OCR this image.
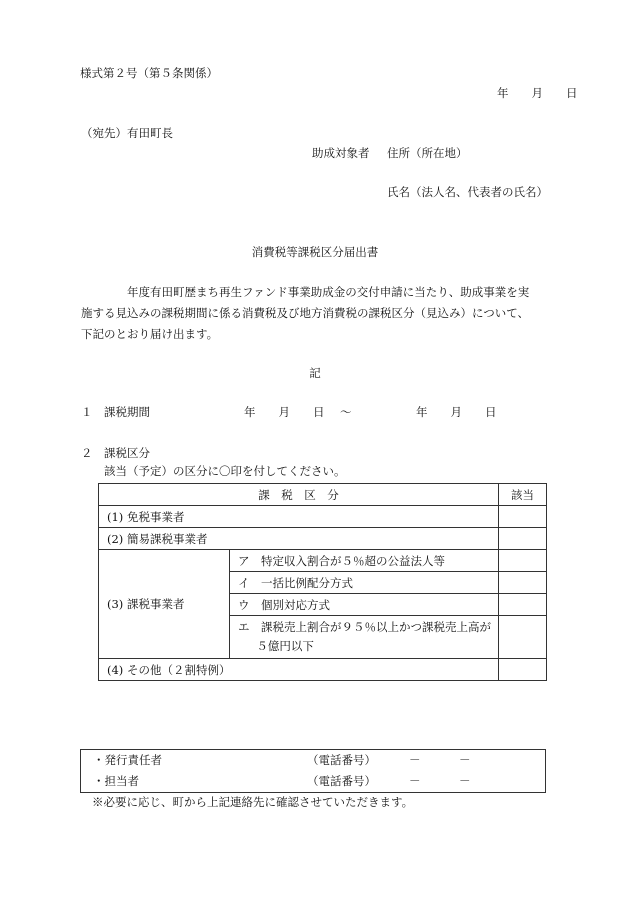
様式第２号（第５条関係）
年　　月　　日
（宛先）有田町長
助成対象者 住所（所在地）
氏名（法人名、代表者の氏名）
消費税等課税区分届出書

年度有田町歴まち再生ファンド事業助成金の交付申請に当たり、助成事業を実

施する見込みの課税期間に係る消費税及び地方消費税の課税区分（見込み）について、

下記のとおり届け出ます。

記
１ 課税期間	年　　月　　日 ～	年　　月　　日
２ 課税区分
該当（予定）の区分に〇印を付してください。
課　税　区　分		該当
(1) 免税事業者		
(2) 簡易課税事業者		
(3) 課税事業者	ア　特定収入割合が５％超の公益法人等	
	イ　一括比例配分方式	
	ウ　個別対応方式	

	エ　課税売上割合が９５％以上かつ課税売上高が５億円以下	

(4) その他（２割特例）		
・発行責任者	（電話番号）	－	－
・担当者	（電話番号）	－	－
※必要に応じ、町から上記連絡先に確認させていただきます。
